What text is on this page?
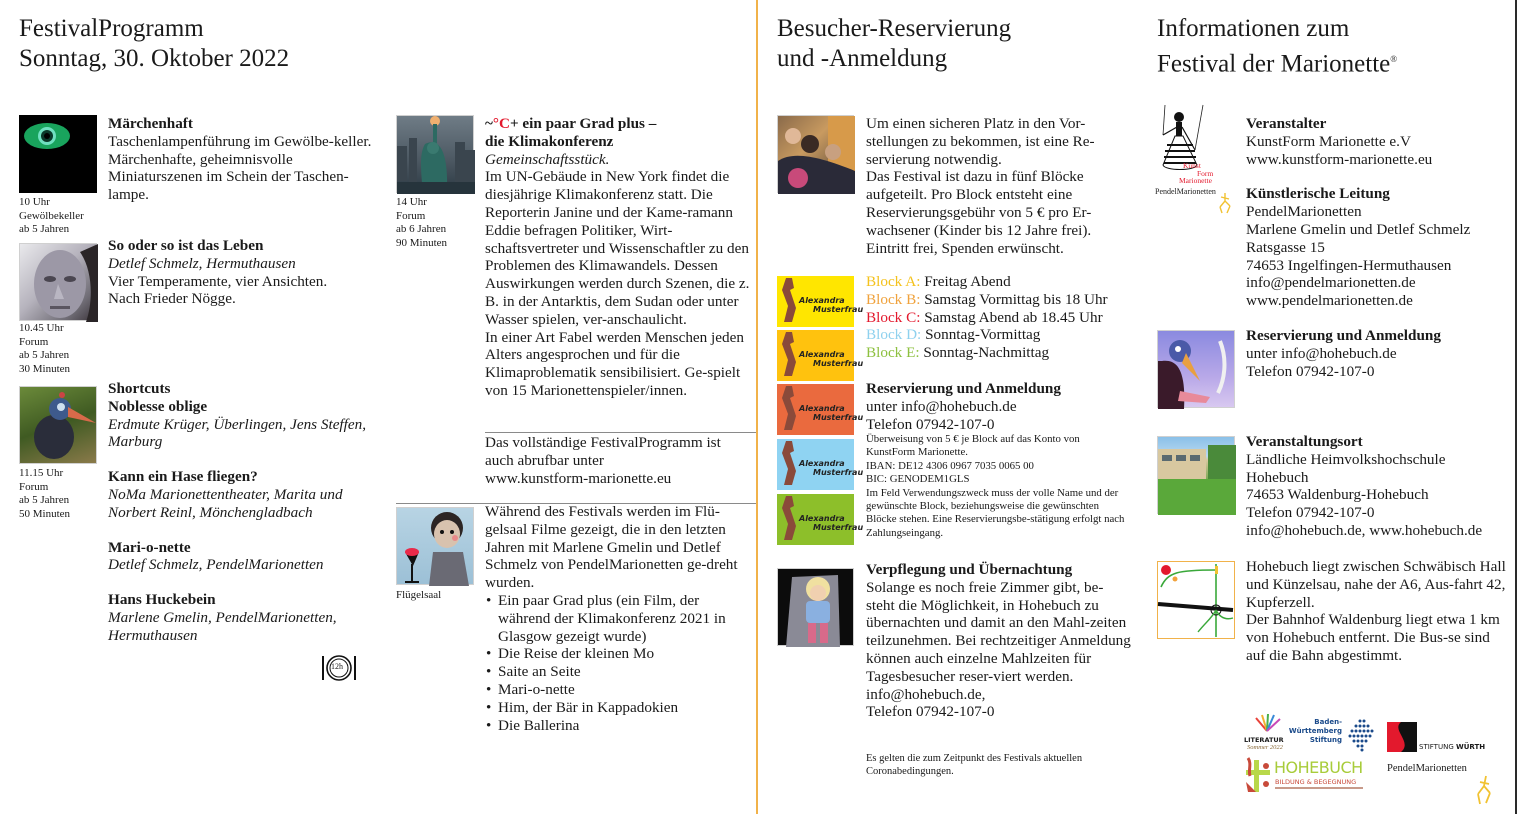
FestivalProgramm
Sonntag, 30. Oktober 2022
10 Uhr
Gewölbekeller
ab 5 Jahren
Märchenhaft
Taschenlampenführung im Gewölbe-keller. Märchenhafte, geheimnisvolle Miniaturszenen im Schein der Taschen-lampe.
10.45 Uhr
Forum
ab 5 Jahren
30 Minuten
So oder so ist das Leben
Detlef Schmelz, Hermuthausen
Vier Temperamente, vier Ansichten.
Nach Frieder Nögge.
11.15 Uhr
Forum
ab 5 Jahren
50 Minuten
Shortcuts
Noblesse oblige
Erdmute Krüger, Überlingen, Jens Steffen, Marburg
Kann ein Hase fliegen?
NoMa Marionettentheater, Marita und Norbert Reinl, Mönchengladbach
Mari-o-nette
Detlef Schmelz, PendelMarionetten
Hans Huckebein
Marlene Gmelin, PendelMarionetten, Hermuthausen
12h
14 Uhr
Forum
ab 6 Jahren
90 Minuten
~°C+ ein paar Grad plus –
die Klimakonferenz
Gemeinschaftsstück.
Im UN-Gebäude in New York findet die diesjährige Klimakonferenz statt. Die Reporterin Janine und der Kame-ramann Eddie befragen Politiker, Wirt-schaftsvertreter und Wissenschaftler zu den Problemen des Klimawandels. Dessen Auswirkungen werden durch Szenen, die z. B. in der Antarktis, dem Sudan oder unter Wasser spielen, ver-anschaulicht.
In einer Art Fabel werden Menschen jeden Alters angesprochen und für die Klimaproblematik sensibilisiert. Ge-spielt von 15 Marionettenspieler/innen.
Das vollständige FestivalProgramm ist
auch abrufbar unter
www.kunstform-marionette.eu
Flügelsaal
Während des Festivals werden im Flü-gelsaal Filme gezeigt, die in den letzten Jahren mit Marlene Gmelin und Detlef Schmelz von PendelMarionetten ge-dreht wurden.
• Ein paar Grad plus (ein Film, der während der Klimakonferenz 2021 in Glasgow gezeigt wurde)
• Die Reise der kleinen Mo
• Saite an Seite
• Mari-o-nette
• Him, der Bär in Kappadokien
• Die Ballerina
Besucher-Reservierung
und -Anmeldung
Um einen sicheren Platz in den Vor-stellungen zu bekommen, ist eine Re-servierung notwendig.
Das Festival ist dazu in fünf Blöcke aufgeteilt. Pro Block entsteht eine Reservierungsgebühr von 5 € pro Er-wachsener (Kinder bis 12 Jahre frei).
Eintritt frei, Spenden erwünscht.
Alexandra
Musterfrau
Alexandra
Musterfrau
Alexandra
Musterfrau
Alexandra
Musterfrau
Alexandra
Musterfrau
Block A: Freitag Abend
Block B: Samstag Vormittag bis 18 Uhr
Block C: Samstag Abend ab 18.45 Uhr
Block D: Sonntag-Vormittag
Block E: Sonntag-Nachmittag
Reservierung und Anmeldung
unter info@hohebuch.de
Telefon 07942-107-0
Überweisung von 5 € je Block auf das Konto von
KunstForm Marionette.
IBAN: DE12 4306 0967 7035 0065 00
BIC: GENODEM1GLS
Im Feld Verwendungszweck muss der volle Name und der gewünschte Block, beziehungsweise die gewünschten Blöcke stehen. Eine Reservierungsbe-stätigung erfolgt nach Zahlungseingang.
Verpflegung und Übernachtung
Solange es noch freie Zimmer gibt, be-steht die Möglichkeit, in Hohebuch zu übernachten und damit an den Mahl-zeiten teilzunehmen. Bei rechtzeitiger Anmeldung können auch einzelne Mahlzeiten für Tagesbesucher reser-viert werden.
info@hohebuch.de,
Telefon 07942-107-0
Es gelten die zum Zeitpunkt des Festivals aktuellen Coronabedingungen.
Informationen zum
Festival der Marionette®
Kunst
Form
Marionette
PendelMarionetten
Veranstalter
KunstForm Marionette e.V
www.kunstform-marionette.eu
Künstlerische Leitung
PendelMarionetten
Marlene Gmelin und Detlef Schmelz
Ratsgasse 15
74653 Ingelfingen-Hermuthausen
info@pendelmarionetten.de
www.pendelmarionetten.de
Reservierung und Anmeldung
unter info@hohebuch.de
Telefon 07942-107-0
Veranstaltungsort
Ländliche Heimvolkshochschule
Hohebuch
74653 Waldenburg-Hohebuch
Telefon 07942-107-0
info@hohebuch.de, www.hohebuch.de
Hohebuch liegt zwischen Schwäbisch Hall und Künzelsau, nahe der A6, Aus-fahrt 42, Kupferzell.
Der Bahnhof Waldenburg liegt etwa 1 km von Hohebuch entfernt. Die Bus-se sind auf die Bahn abgestimmt.
LITERATUR
Sommer 2022
Baden-
Württemberg
Stiftung
STIFTUNG WÜRTH
HOHEBUCH
BILDUNG & BEGEGNUNG
PendelMarionetten
